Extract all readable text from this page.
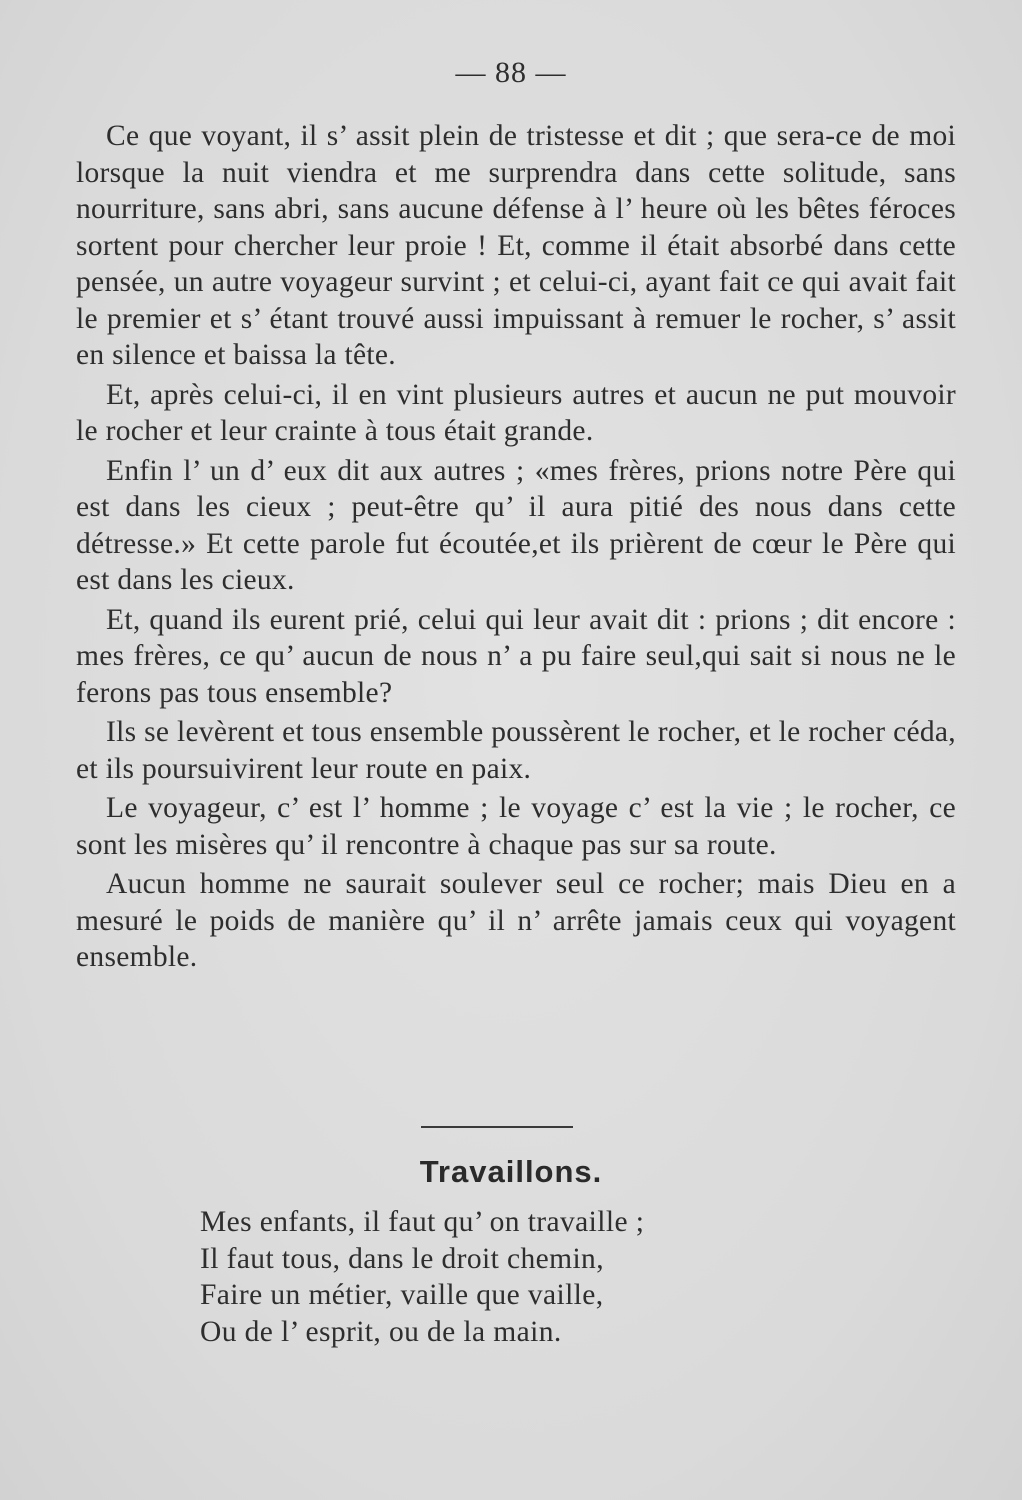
— 88 —

Ce que voyant, il s’ assit plein de tristesse et dit ; que sera-ce de moi lorsque la nuit viendra et me surprendra dans cette solitude, sans nourriture, sans abri, sans aucune défense à l’ heure où les bêtes féroces sortent pour chercher leur proie ! Et, comme il était absorbé dans cette pensée, un autre voyageur survint ; et celui-ci, ayant fait ce qui avait fait le premier et s’ étant trouvé aussi impuissant à remuer le rocher, s’ assit en silence et baissa la tête.

Et, après celui-ci, il en vint plusieurs autres et aucun ne put mouvoir le rocher et leur crainte à tous était grande.

Enfin l’ un d’ eux dit aux autres ; «mes frères, prions notre Père qui est dans les cieux ; peut-être qu’ il aura pitié des nous dans cette détresse.» Et cette parole fut écoutée,et ils prièrent de cœur le Père qui est dans les cieux.

Et, quand ils eurent prié, celui qui leur avait dit : prions ; dit encore : mes frères, ce qu’ aucun de nous n’ a pu faire seul,qui sait si nous ne le ferons pas tous ensemble?

Ils se levèrent et tous ensemble poussèrent le rocher, et le rocher céda, et ils poursuivirent leur route en paix.

Le voyageur, c’ est l’ homme ; le voyage c’ est la vie ; le rocher, ce sont les misères qu’ il rencontre à chaque pas sur sa route.

Aucun homme ne saurait soulever seul ce rocher; mais Dieu en a mesuré le poids de manière qu’ il n’ arrête jamais ceux qui voyagent ensemble.

Travaillons.
Mes enfants, il faut qu’ on travaille ;
Il faut tous, dans le droit chemin,
Faire un métier, vaille que vaille,
Ou de l’ esprit, ou de la main.
